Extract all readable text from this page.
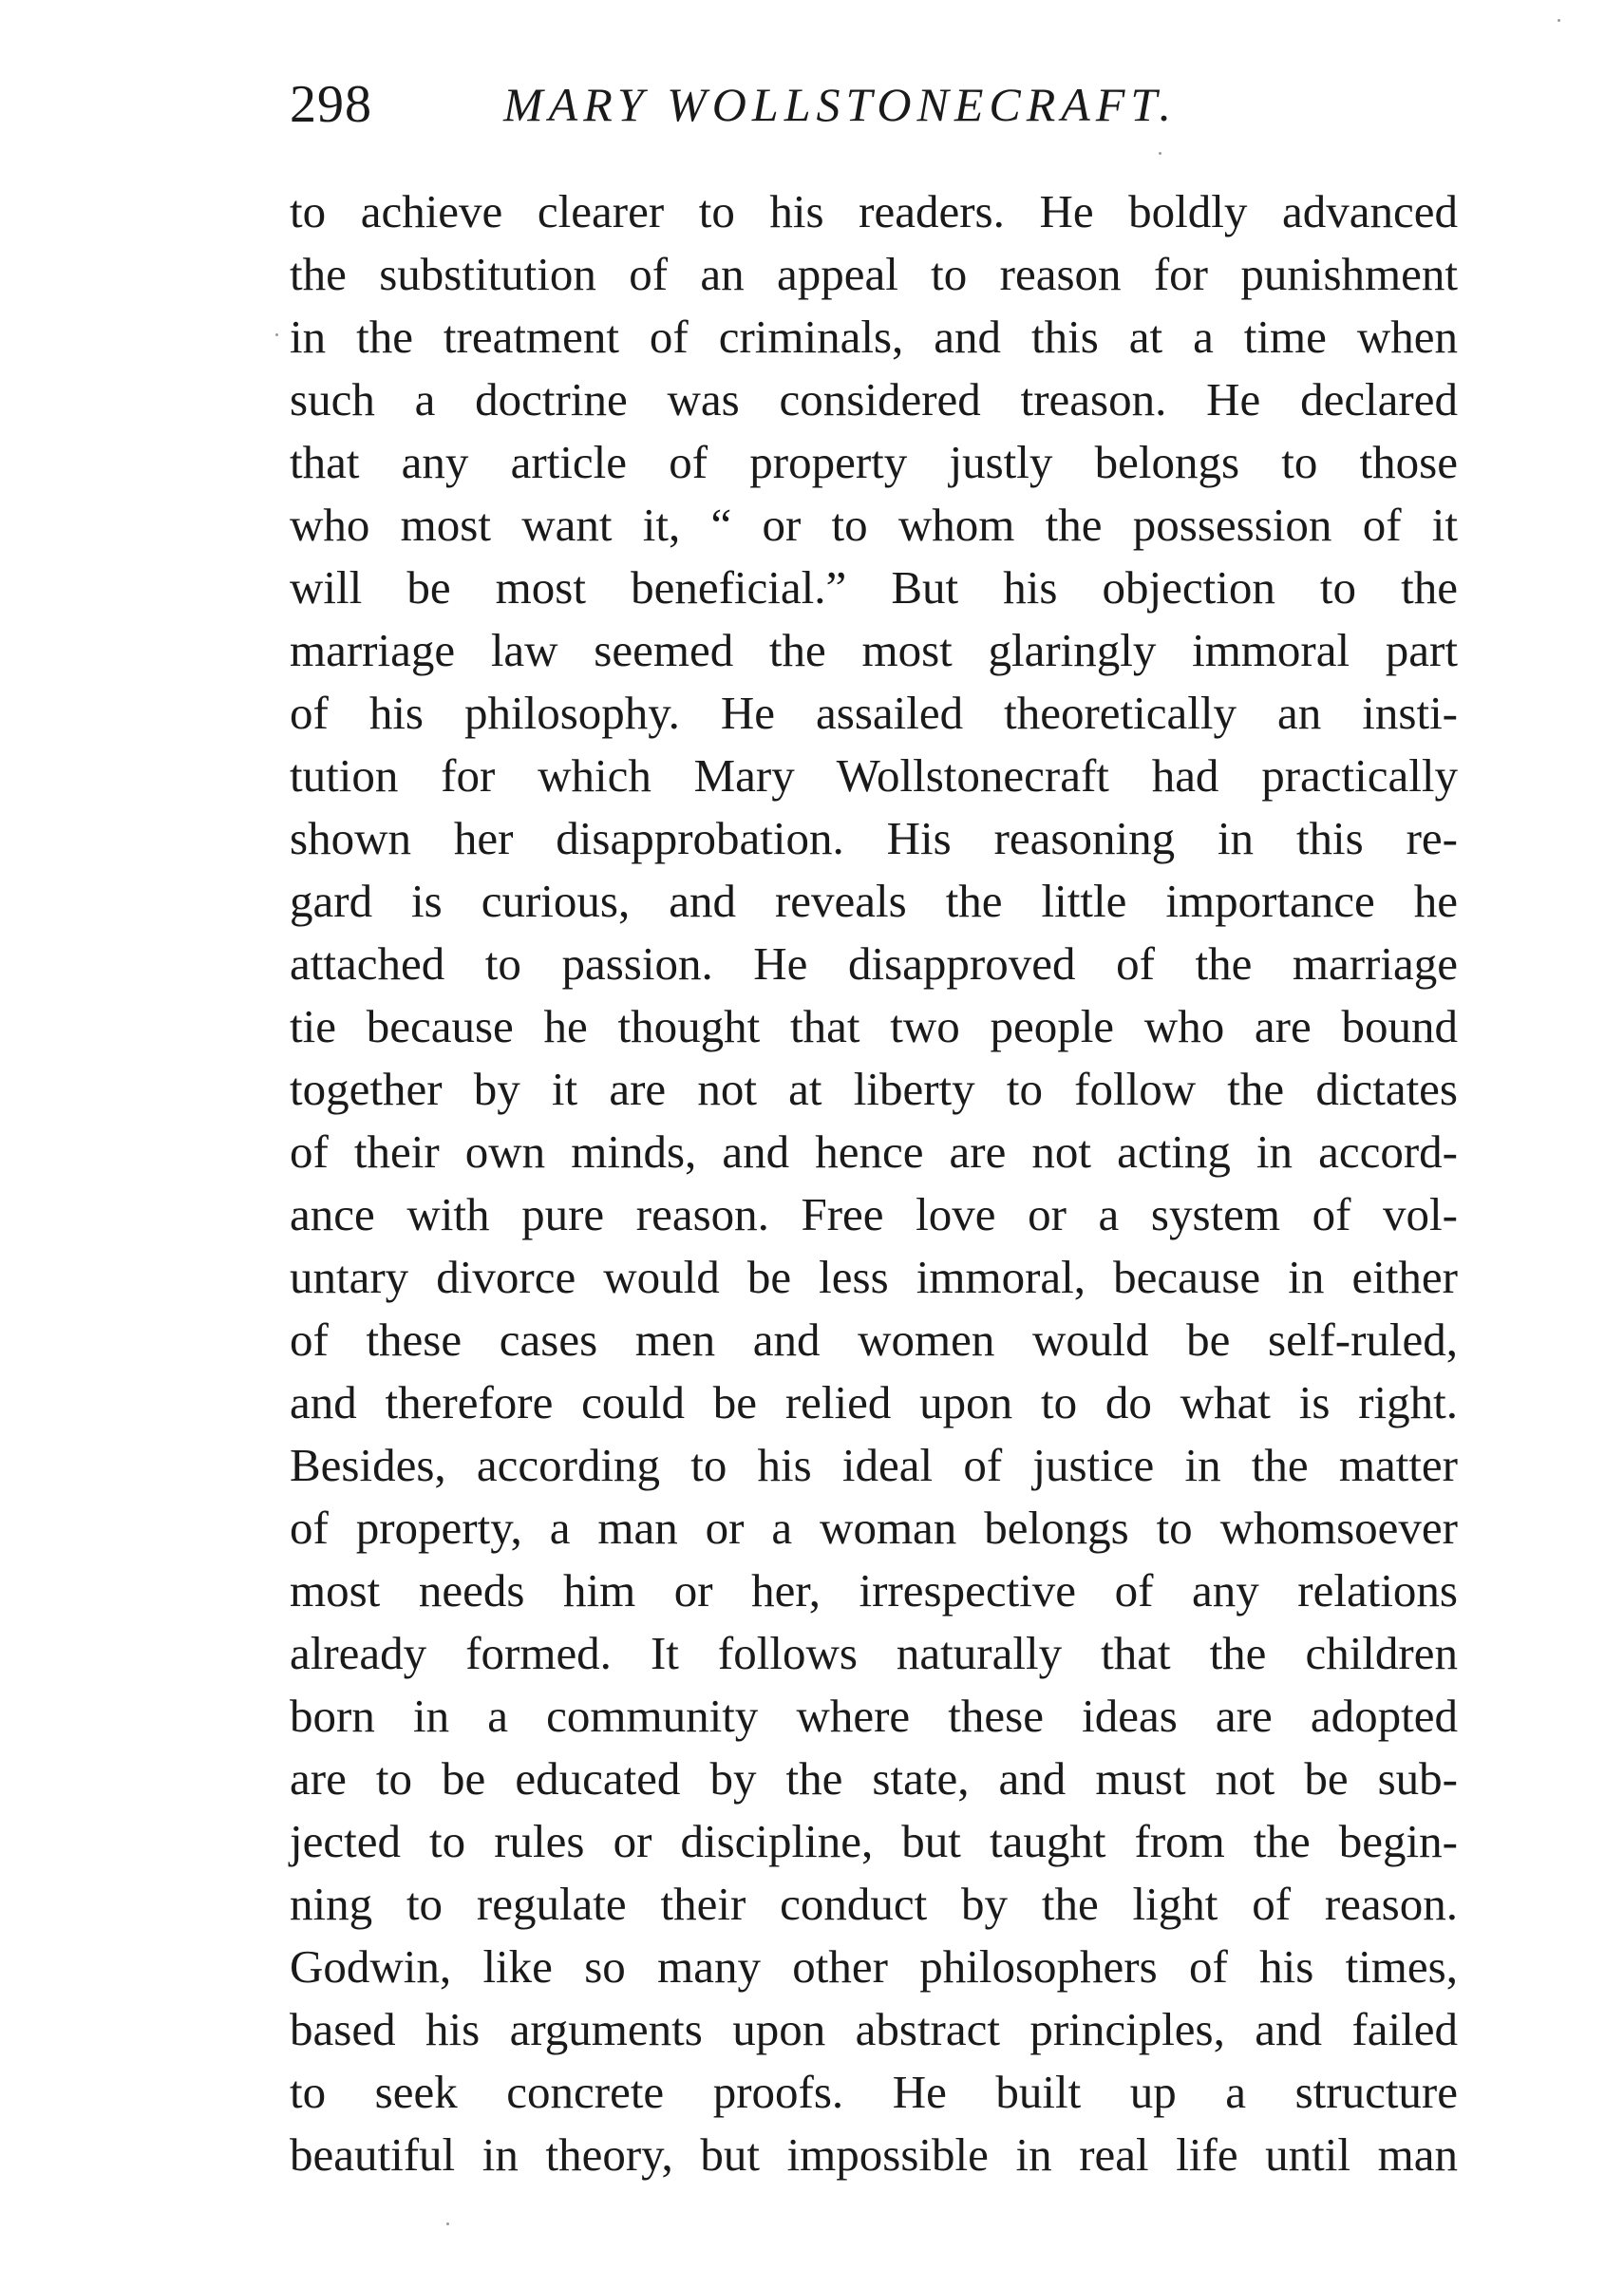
298	MARY WOLLSTONECRAFT.
to achieve clearer to his readers. He boldly advanced
the substitution of an appeal to reason for punishment
in the treatment of criminals, and this at a time when
such a doctrine was considered treason. He declared
that any article of property justly belongs to those
who most want it, “ or to whom the possession of it
will be most beneficial.” But his objection to the
marriage law seemed the most glaringly immoral part
of his philosophy. He assailed theoretically an insti-
tution for which Mary Wollstonecraft had practically
shown her disapprobation. His reasoning in this re-
gard is curious, and reveals the little importance he
attached to passion. He disapproved of the marriage
tie because he thought that two people who are bound
together by it are not at liberty to follow the dictates
of their own minds, and hence are not acting in accord-
ance with pure reason. Free love or a system of vol-
untary divorce would be less immoral, because in either
of these cases men and women would be self-ruled,
and therefore could be relied upon to do what is right.
Besides, according to his ideal of justice in the matter
of property, a man or a woman belongs to whomsoever
most needs him or her, irrespective of any relations
already formed. It follows naturally that the children
born in a community where these ideas are adopted
are to be educated by the state, and must not be sub-
jected to rules or discipline, but taught from the begin-
ning to regulate their conduct by the light of reason.
Godwin, like so many other philosophers of his times,
based his arguments upon abstract principles, and failed
to seek concrete proofs. He built up a structure
beautiful in theory, but impossible in real life until man
